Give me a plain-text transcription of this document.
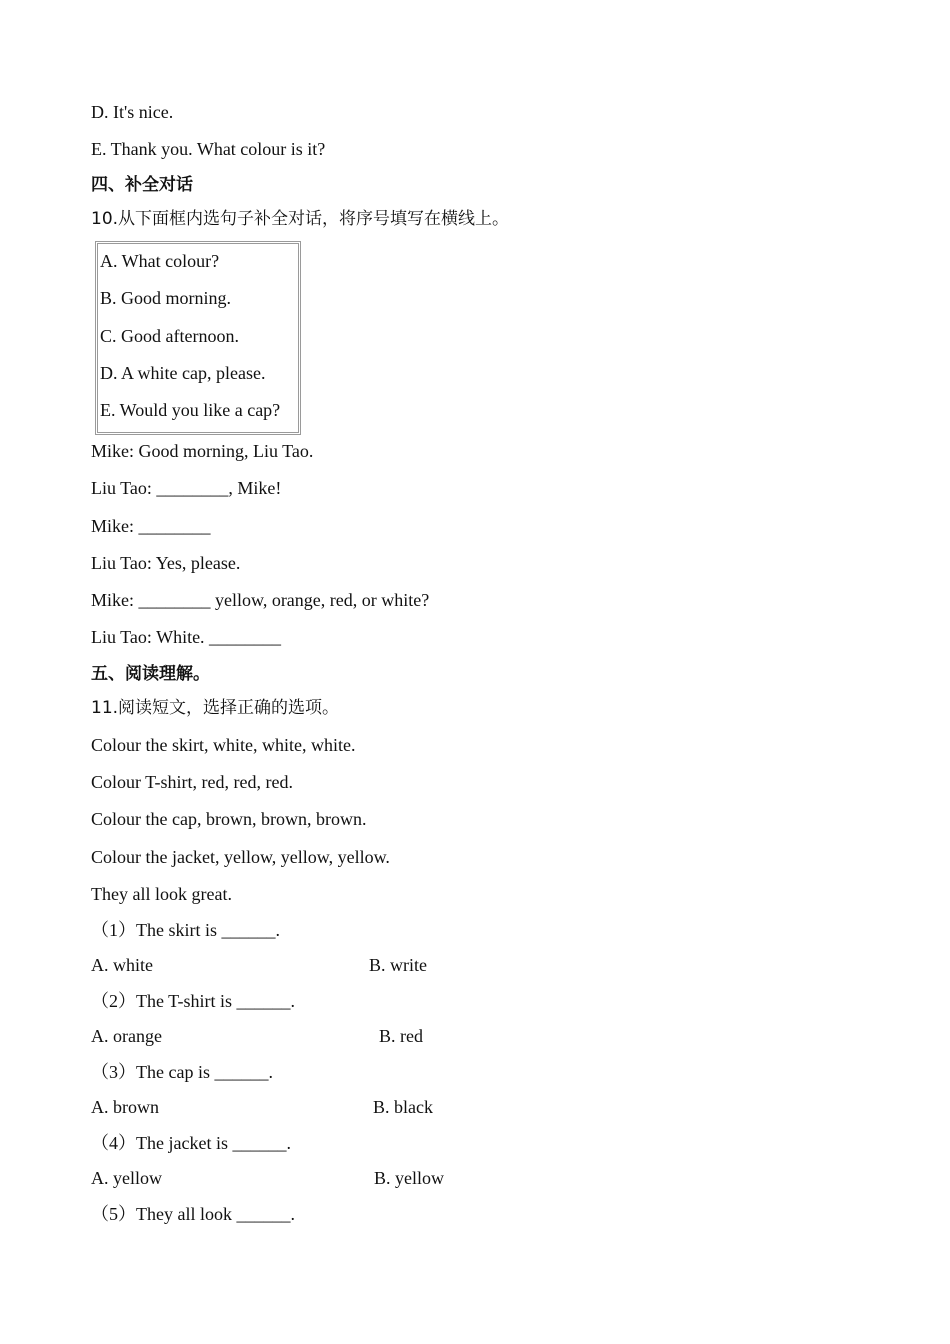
D. It's nice.
E. Thank you. What colour is it?
四、补全对话
10.从下面框内选句子补全对话，将序号填写在横线上。
A. What colour?
B. Good morning.
C. Good afternoon.
D. A white cap, please.
E. Would you like a cap?
Mike: Good morning, Liu Tao.
Liu Tao: ________, Mike!
Mike: ________
Liu Tao: Yes, please.
Mike: ________ yellow, orange, red, or white?
Liu Tao: White. ________
五、阅读理解。
11.阅读短文，选择正确的选项。
Colour the skirt, white, white, white.
Colour T-shirt, red, red, red.
Colour the cap, brown, brown, brown.
Colour the jacket, yellow, yellow, yellow.
They all look great.
（1）The skirt is ______.
A. white	B. write
（2）The T-shirt is ______.
A. orange	B. red
（3）The cap is ______.
A. brown	B. black
（4）The jacket is ______.
A. yellow	B. yellow
（5）They all look ______.
